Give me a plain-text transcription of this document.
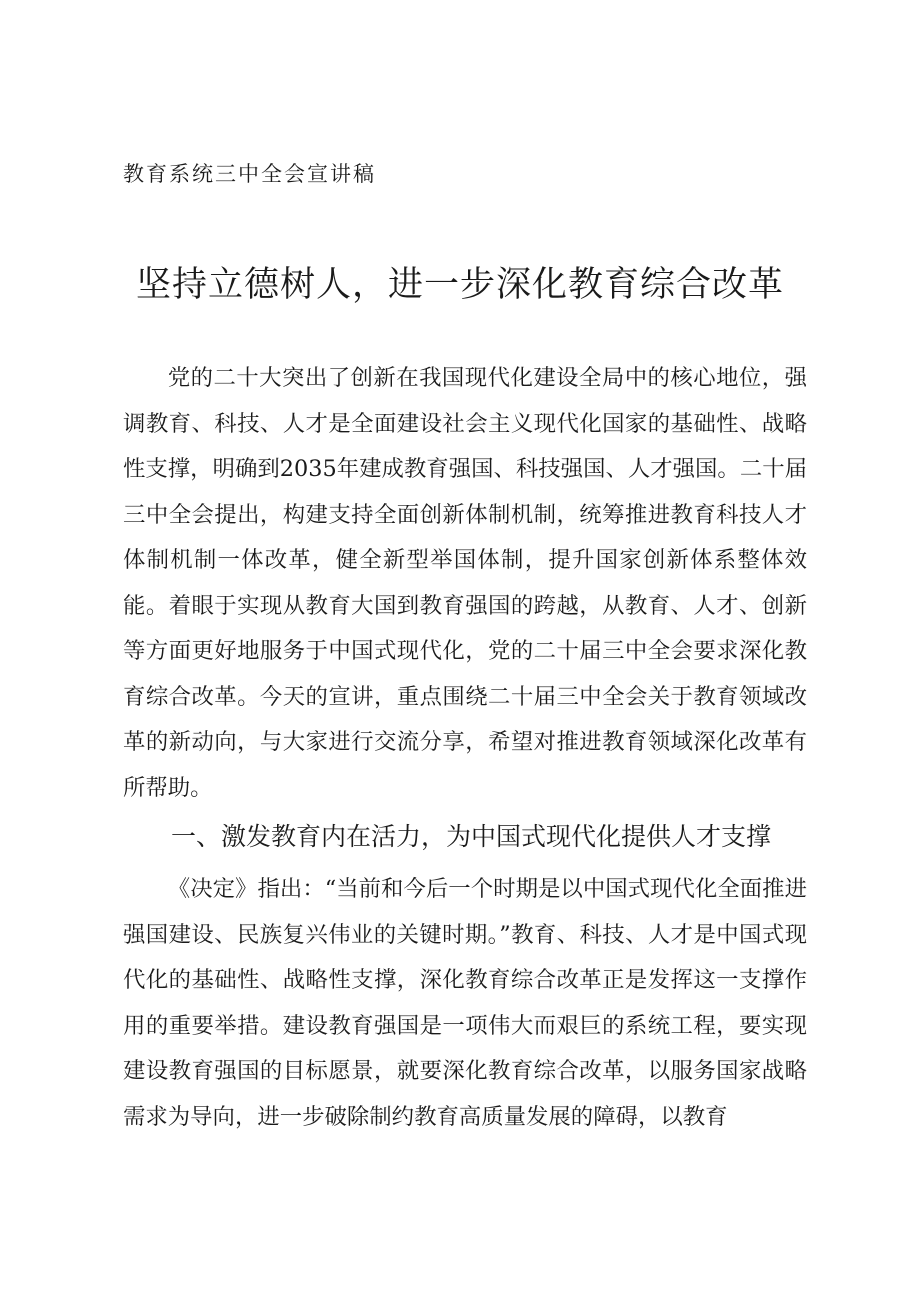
教育系统三中全会宣讲稿
坚持立德树人，进一步深化教育综合改革

党的二十大突出了创新在我国现代化建设全局中的核心地位，强调教育、科技、人才是全面建设社会主义现代化国家的基础性、战略性支撑，明确到2035年建成教育强国、科技强国、人才强国。二十届三中全会提出，构建支持全面创新体制机制，统筹推进教育科技人才体制机制一体改革，健全新型举国体制，提升国家创新体系整体效能。着眼于实现从教育大国到教育强国的跨越，从教育、人才、创新等方面更好地服务于中国式现代化，党的二十届三中全会要求深化教育综合改革。今天的宣讲，重点围绕二十届三中全会关于教育领域改革的新动向，与大家进行交流分享，希望对推进教育领域深化改革有所帮助。

一、激发教育内在活力，为中国式现代化提供人才支撑

《决定》指出：“当前和今后一个时期是以中国式现代化全面推进强国建设、民族复兴伟业的关键时期。”教育、科技、人才是中国式现代化的基础性、战略性支撑，深化教育综合改革正是发挥这一支撑作用的重要举措。建设教育强国是一项伟大而艰巨的系统工程，要实现建设教育强国的目标愿景，就要深化教育综合改革，以服务国家战略需求为导向，进一步破除制约教育高质量发展的障碍，以教育
